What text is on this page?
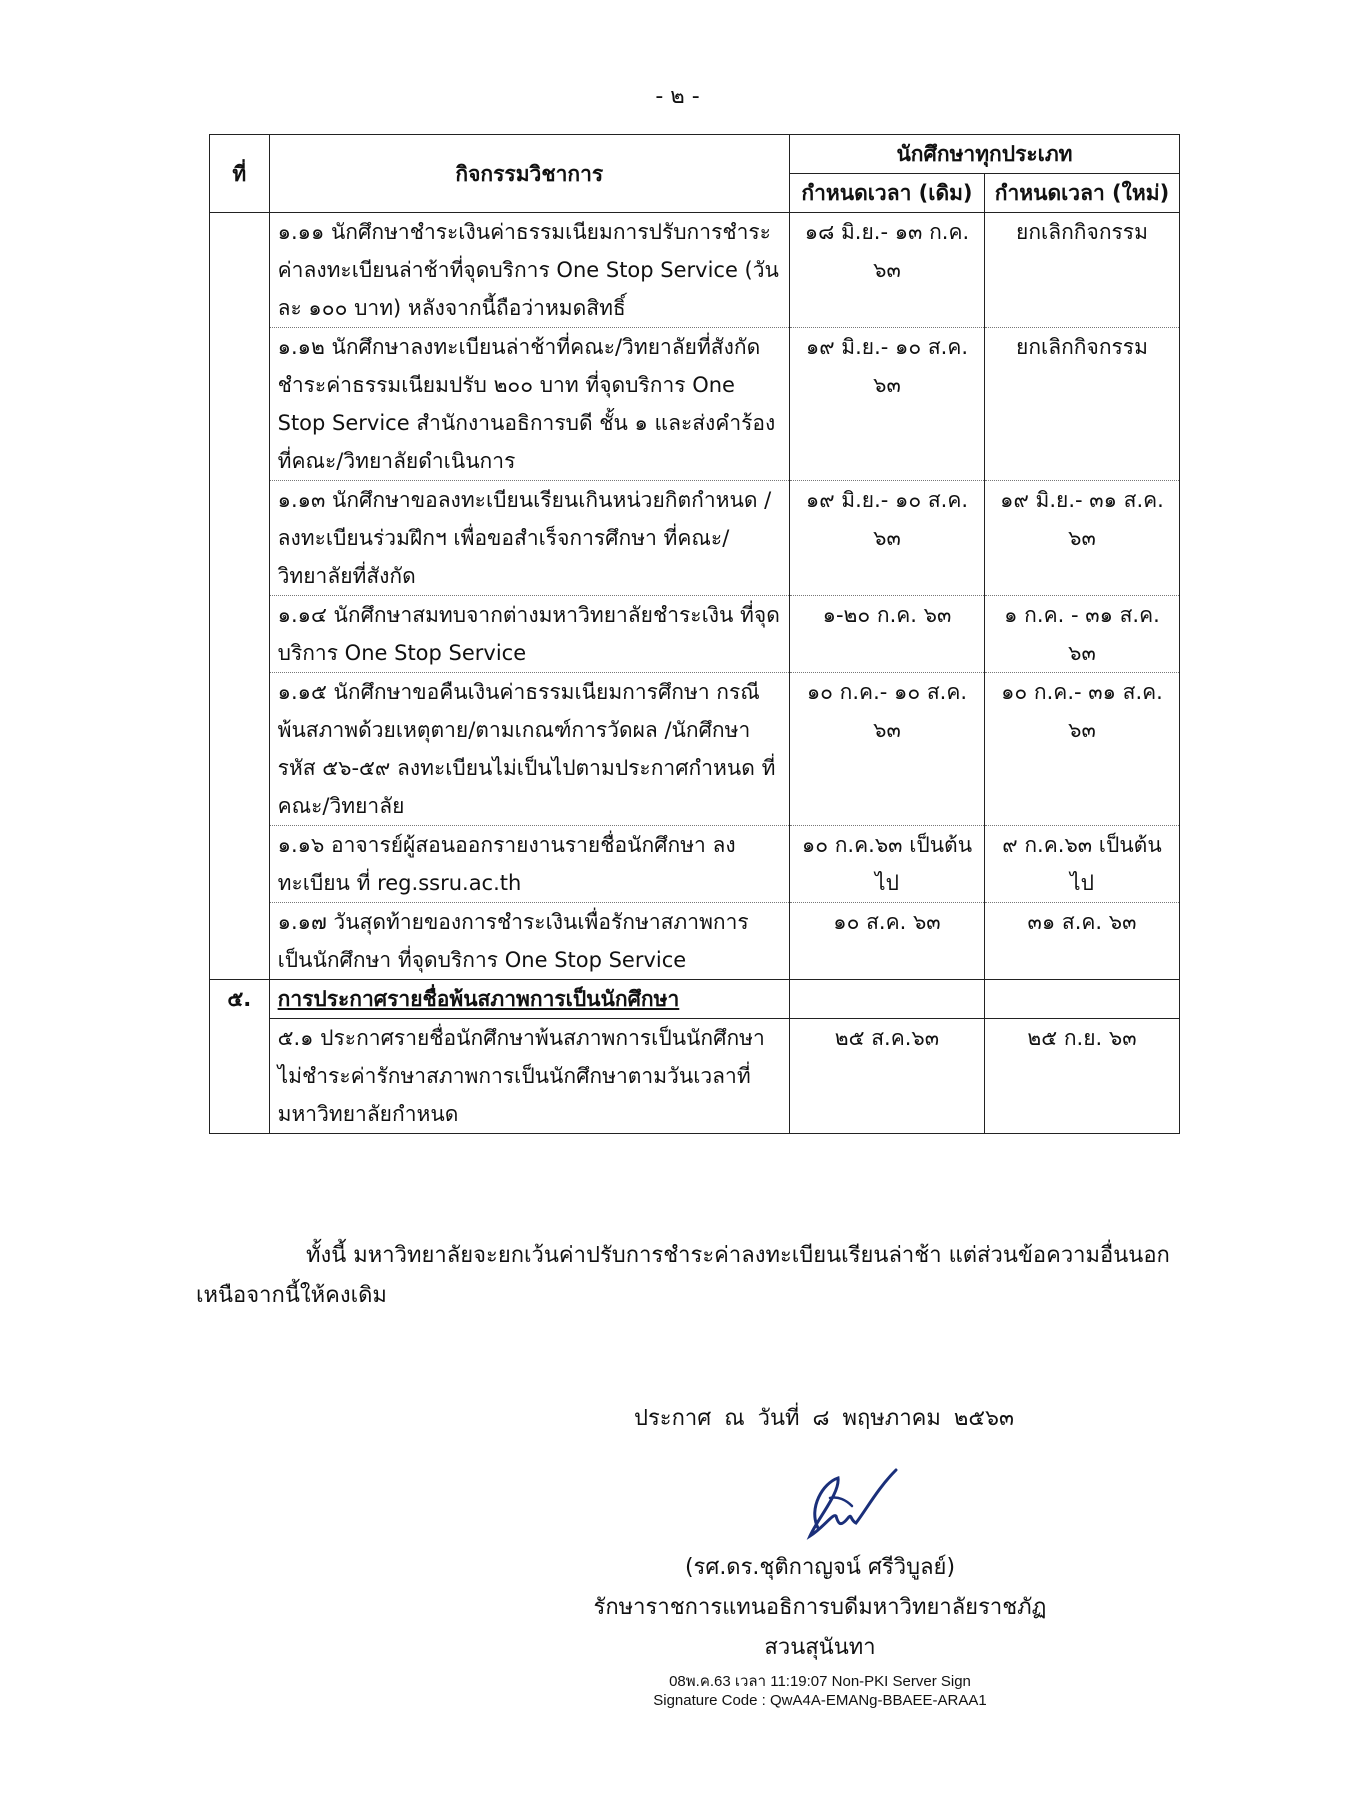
- ๒ -
ที่	กิจกรรมวิชาการ	นักศึกษาทุกประเภท	
		กำหนดเวลา (เดิม)	กำหนดเวลา (ใหม่)
	๑.๑๑ นักศึกษาชำระเงินค่าธรรมเนียมการปรับการชำระค่าลงทะเบียนล่าช้าที่จุดบริการ One Stop Service (วันละ ๑๐๐ บาท) หลังจากนี้ถือว่าหมดสิทธิ์	๑๘ มิ.ย.- ๑๓ ก.ค. ๖๓	ยกเลิกกิจกรรม
	๑.๑๒ นักศึกษาลงทะเบียนล่าช้าที่คณะ/วิทยาลัยที่สังกัด ชำระค่าธรรมเนียมปรับ ๒๐๐ บาท ที่จุดบริการ One Stop Service สำนักงานอธิการบดี ชั้น ๑ และส่งคำร้องที่คณะ/วิทยาลัยดำเนินการ	๑๙ มิ.ย.- ๑๐ ส.ค. ๖๓	ยกเลิกกิจกรรม
	๑.๑๓ นักศึกษาขอลงทะเบียนเรียนเกินหน่วยกิตกำหนด /ลงทะเบียนร่วมฝึกฯ เพื่อขอสำเร็จการศึกษา ที่คณะ/วิทยาลัยที่สังกัด	๑๙ มิ.ย.- ๑๐ ส.ค. ๖๓	๑๙ มิ.ย.- ๓๑ ส.ค. ๖๓
	๑.๑๔ นักศึกษาสมทบจากต่างมหาวิทยาลัยชำระเงิน ที่จุดบริการ One Stop Service	๑-๒๐ ก.ค. ๖๓	๑ ก.ค. - ๓๑ ส.ค. ๖๓
	๑.๑๕ นักศึกษาขอคืนเงินค่าธรรมเนียมการศึกษา กรณีพ้นสภาพด้วยเหตุตาย/ตามเกณฑ์การวัดผล /นักศึกษารหัส ๕๖-๕๙ ลงทะเบียนไม่เป็นไปตามประกาศกำหนด ที่คณะ/วิทยาลัย	๑๐ ก.ค.- ๑๐ ส.ค. ๖๓	๑๐ ก.ค.- ๓๑ ส.ค. ๖๓
	๑.๑๖ อาจารย์ผู้สอนออกรายงานรายชื่อนักศึกษา ลงทะเบียน ที่ reg.ssru.ac.th	๑๐ ก.ค.๖๓ เป็นต้นไป	๙ ก.ค.๖๓ เป็นต้นไป
	๑.๑๗ วันสุดท้ายของการชำระเงินเพื่อรักษาสภาพการเป็นนักศึกษา ที่จุดบริการ One Stop Service	๑๐ ส.ค. ๖๓	๓๑ ส.ค. ๖๓
๕.	การประกาศรายชื่อพ้นสภาพการเป็นนักศึกษา		
	๕.๑ ประกาศรายชื่อนักศึกษาพ้นสภาพการเป็นนักศึกษา ไม่ชำระค่ารักษาสภาพการเป็นนักศึกษาตามวันเวลาที่มหาวิทยาลัยกำหนด	๒๕ ส.ค.๖๓	๒๕ ก.ย. ๖๓
ทั้งนี้ มหาวิทยาลัยจะยกเว้นค่าปรับการชำระค่าลงทะเบียนเรียนล่าช้า แต่ส่วนข้อความอื่นนอกเหนือจากนี้ให้คงเดิม
ประกาศ ณ วันที่ ๘ พฤษภาคม ๒๕๖๓
(รศ.ดร.ชุติกาญจน์ ศรีวิบูลย์)
รักษาราชการแทนอธิการบดีมหาวิทยาลัยราชภัฏ
สวนสุนันทา
08พ.ค.63 เวลา 11:19:07 Non-PKI Server Sign
Signature Code : QwA4A-EMANg-BBAEE-ARAA1
